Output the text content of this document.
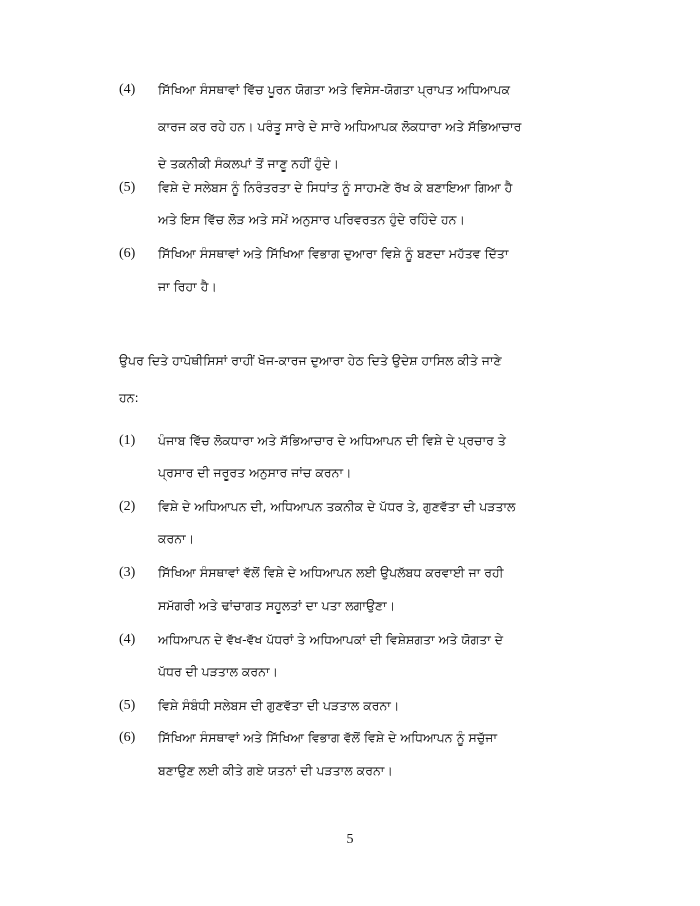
(4) ਸਿੱਖਿਆ ਸੰਸਥਾਵਾਂ ਵਿੱਚ ਪੂਰਨ ਯੋਗਤਾ ਅਤੇ ਵਿਸੇਸ-ਯੋਗਤਾ ਪ੍ਰਾਪਤ ਅਧਿਆਪਕ
ਕਾਰਜ ਕਰ ਰਹੇ ਹਨ। ਪਰੰਤੂ ਸਾਰੇ ਦੇ ਸਾਰੇ ਅਧਿਆਪਕ ਲੋਕਧਾਰਾ ਅਤੇ ਸੱਭਿਆਚਾਰ
ਦੇ ਤਕਨੀਕੀ ਸੰਕਲਪਾਂ ਤੋਂ ਜਾਣੂ ਨਹੀਂ ਹੁੰਦੇ।
(5) ਵਿਸ਼ੇ ਦੇ ਸਲੇਬਸ ਨੂੰ ਨਿਰੰਤਰਤਾ ਦੇ ਸਿਧਾਂਤ ਨੂੰ ਸਾਹਮਣੇ ਰੱਖ ਕੇ ਬਣਾਇਆ ਗਿਆ ਹੈ
ਅਤੇ ਇਸ ਵਿੱਚ ਲੋੜ ਅਤੇ ਸਮੇਂ ਅਨੁਸਾਰ ਪਰਿਵਰਤਨ ਹੁੰਦੇ ਰਹਿੰਦੇ ਹਨ।
(6) ਸਿੱਖਿਆ ਸੰਸਥਾਵਾਂ ਅਤੇ ਸਿੱਖਿਆ ਵਿਭਾਗ ਦੁਆਰਾ ਵਿਸ਼ੇ ਨੂੰ ਬਣਦਾ ਮਹੱਤਵ ਦਿੱਤਾ
ਜਾ ਰਿਹਾ ਹੈ।
ਉਪਰ ਦਿਤੇ ਹਾਪੋਥੀਸਿਸਾਂ ਰਾਹੀਂ ਖੋਜ-ਕਾਰਜ ਦੁਆਰਾ ਹੇਠ ਦਿਤੇ ਉਦੇਸ਼ ਹਾਸਿਲ ਕੀਤੇ ਜਾਣੇ
ਹਨ:
(1) ਪੰਜਾਬ ਵਿੱਚ ਲੋਕਧਾਰਾ ਅਤੇ ਸੱਭਿਆਚਾਰ ਦੇ ਅਧਿਆਪਨ ਦੀ ਵਿਸ਼ੇ ਦੇ ਪ੍ਰਚਾਰ ਤੇ
ਪ੍ਰਸਾਰ ਦੀ ਜਰੂਰਤ ਅਨੁਸਾਰ ਜਾਂਚ ਕਰਨਾ।
(2) ਵਿਸ਼ੇ ਦੇ ਅਧਿਆਪਨ ਦੀ, ਅਧਿਆਪਨ ਤਕਨੀਕ ਦੇ ਪੱਧਰ ਤੇ, ਗੁਣਵੱਤਾ ਦੀ ਪੜਤਾਲ
ਕਰਨਾ।
(3) ਸਿੱਖਿਆ ਸੰਸਥਾਵਾਂ ਵੱਲੋਂ ਵਿਸ਼ੇ ਦੇ ਅਧਿਆਪਨ ਲਈ ਉਪਲੱਬਧ ਕਰਵਾਈ ਜਾ ਰਹੀ
ਸਮੱਗਰੀ ਅਤੇ ਢਾਂਚਾਗਤ ਸਹੂਲਤਾਂ ਦਾ ਪਤਾ ਲਗਾਉਣਾ।
(4) ਅਧਿਆਪਨ ਦੇ ਵੱਖ-ਵੱਖ ਪੱਧਰਾਂ ਤੇ ਅਧਿਆਪਕਾਂ ਦੀ ਵਿਸ਼ੇਸ਼ਗਤਾ ਅਤੇ ਯੋਗਤਾ ਦੇ
ਪੱਧਰ ਦੀ ਪੜਤਾਲ ਕਰਨਾ।
(5) ਵਿਸ਼ੇ ਸੰਬੰਧੀ ਸਲੇਬਸ ਦੀ ਗੁਣਵੱਤਾ ਦੀ ਪੜਤਾਲ ਕਰਨਾ।
(6) ਸਿੱਖਿਆ ਸੰਸਥਾਵਾਂ ਅਤੇ ਸਿੱਖਿਆ ਵਿਭਾਗ ਵੱਲੋਂ ਵਿਸ਼ੇ ਦੇ ਅਧਿਆਪਨ ਨੂੰ ਸਚੁੱਜਾ
ਬਣਾਉਣ ਲਈ ਕੀਤੇ ਗਏ ਯਤਨਾਂ ਦੀ ਪੜਤਾਲ ਕਰਨਾ।
5
